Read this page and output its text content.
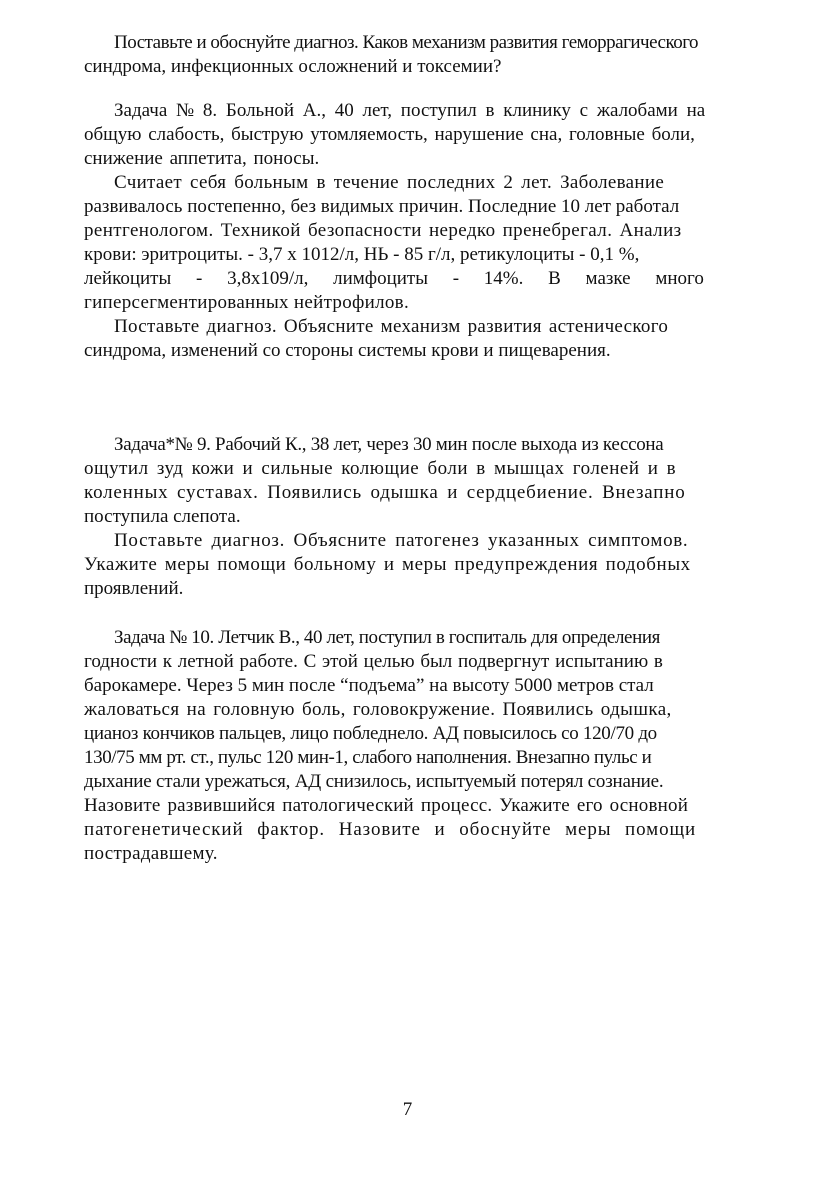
Поставьте и обоснуйте диагноз. Каков механизм развития геморрагического
синдрома, инфекционных осложнений и токсемии?
Задача № 8. Больной А., 40 лет, поступил в клинику с жалобами на
общую слабость, быструю утомляемость, нарушение сна, головные боли,
снижение аппетита, поносы.
Считает себя больным в течение последних 2 лет. Заболевание
развивалось постепенно, без видимых причин. Последние 10 лет работал
рентгенологом. Техникой безопасности нередко пренебрегал. Анализ
крови: эритроциты. - 3,7 х 1012/л, НЬ - 85 г/л, ретикулоциты - 0,1 %,
лейкоциты - 3,8x109/л, лимфоциты - 14%. В мазке много
гиперсегментированных нейтрофилов.
Поставьте диагноз. Объясните механизм развития астенического
синдрома, изменений со стороны системы крови и пищеварения.
Задача*№ 9. Рабочий К., 38 лет, через 30 мин после выхода из кессона
ощутил зуд кожи и сильные колющие боли в мышцах голеней и в
коленных суставах. Появились одышка и сердцебиение. Внезапно
поступила слепота.
Поставьте диагноз. Объясните патогенез указанных симптомов.
Укажите меры помощи больному и меры предупреждения подобных
проявлений.
Задача № 10. Летчик В., 40 лет, поступил в госпиталь для определения
годности к летной работе. С этой целью был подвергнут испытанию в
барокамере. Через 5 мин после “подъема” на высоту 5000 метров стал
жаловаться на головную боль, головокружение. Появились одышка,
цианоз кончиков пальцев, лицо побледнело. АД повысилось со 120/70 до
130/75 мм рт. ст., пульс 120 мин-1, слабого наполнения. Внезапно пульс и
дыхание стали урежаться, АД снизилось, испытуемый потерял сознание.
Назовите развившийся патологический процесс. Укажите его основной
патогенетический фактор. Назовите и обоснуйте меры помощи
пострадавшему.
7
